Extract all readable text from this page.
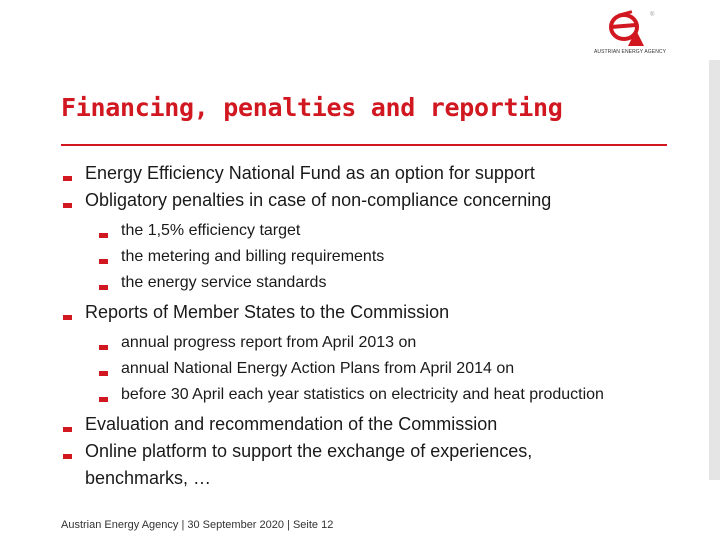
®
AUSTRIAN ENERGY AGENCY
Financing, penalties and reporting
Energy Efficiency National Fund as an option for support
Obligatory penalties in case of non-compliance concerning
the 1,5% efficiency target
the metering and billing requirements
the energy service standards
Reports of Member States to the Commission
annual progress report from April 2013 on
annual National Energy Action Plans from April 2014 on
before 30 April each year statistics on electricity and heat production
Evaluation and recommendation of the Commission
Online platform to support the exchange of experiences,
benchmarks, …
Austrian Energy Agency | 30 September 2020 | Seite 12
